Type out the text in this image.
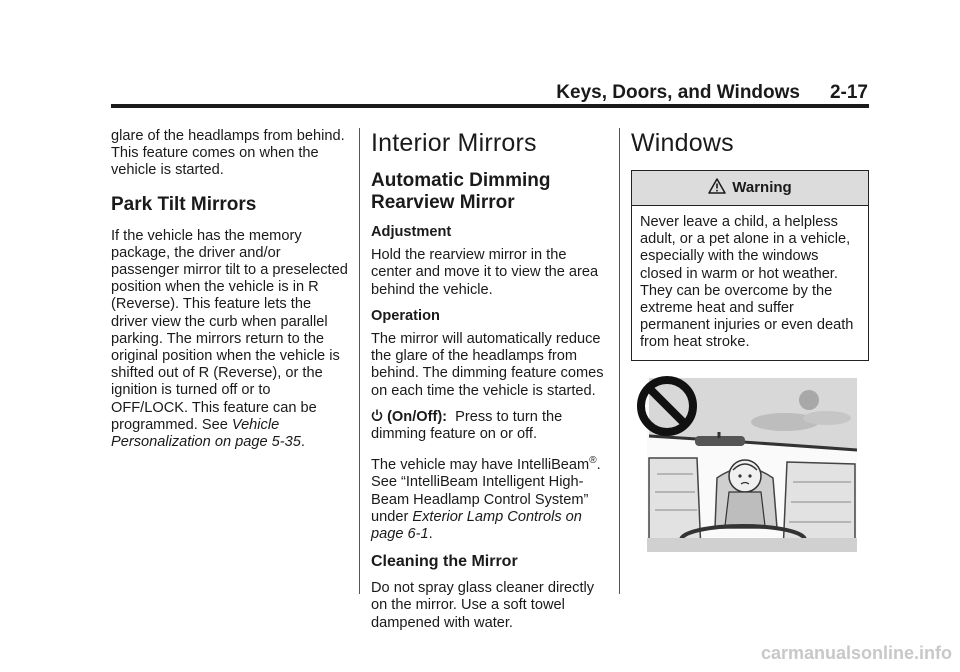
Keys, Doors, and Windows 2-17

glare of the headlamps from behind. This feature comes on when the vehicle is started.

Park Tilt Mirrors

If the vehicle has the memory package, the driver and/or passenger mirror tilt to a preselected position when the vehicle is in R (Reverse). This feature lets the driver view the curb when parallel parking. The mirrors return to the original position when the vehicle is shifted out of R (Reverse), or the ignition is turned off or to OFF/LOCK. This feature can be programmed. See Vehicle Personalization on page 5-35.

Interior Mirrors
Automatic Dimming Rearview Mirror

Adjustment

Hold the rearview mirror in the center and move it to view the area behind the vehicle.

Operation

The mirror will automatically reduce the glare of the headlamps from behind. The dimming feature comes on each time the vehicle is started.

(On/Off): Press to turn the dimming feature on or off.

The vehicle may have IntelliBeam®. See “IntelliBeam Intelligent High-Beam Headlamp Control System” under Exterior Lamp Controls on page 6-1.

Cleaning the Mirror

Do not spray glass cleaner directly on the mirror. Use a soft towel dampened with water.

Windows
Warning
Never leave a child, a helpless adult, or a pet alone in a vehicle, especially with the windows closed in warm or hot weather. They can be overcome by the extreme heat and suffer permanent injuries or even death from heat stroke.
carmanualsonline.info
